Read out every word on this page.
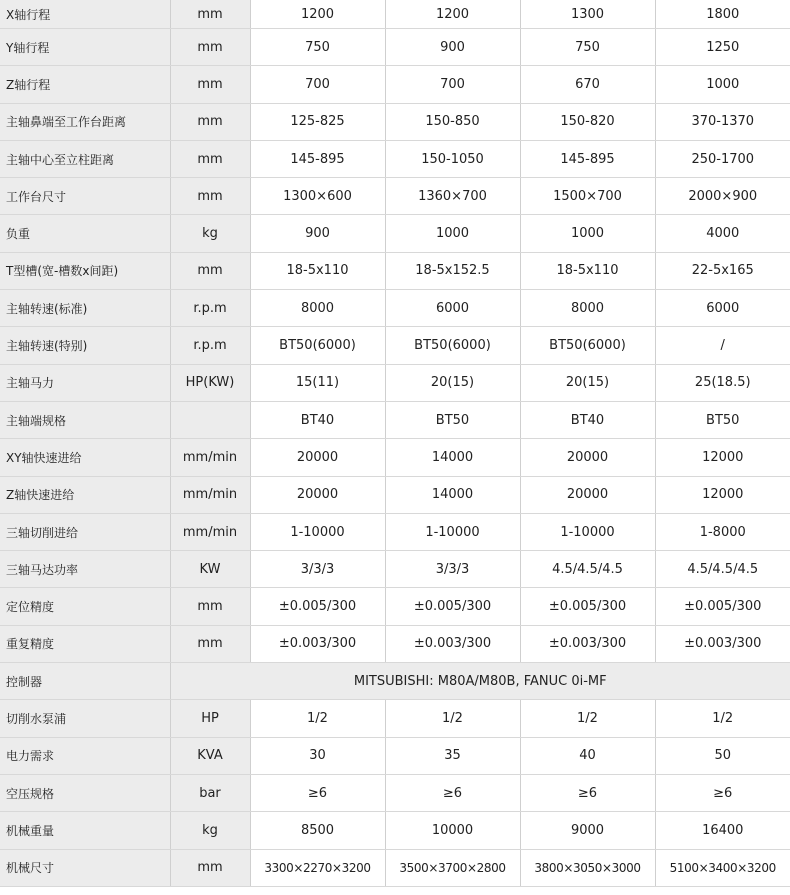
X轴行程	mm	1200	1200	1300	1800
Y轴行程	mm	750	900	750	1250
Z轴行程	mm	700	700	670	1000
主轴鼻端至工作台距离	mm	125-825	150-850	150-820	370-1370
主轴中心至立柱距离	mm	145-895	150-1050	145-895	250-1700
工作台尺寸	mm	1300×600	1360×700	1500×700	2000×900
负重	kg	900	1000	1000	4000
T型槽(宽-槽数x间距)	mm	18-5x110	18-5x152.5	18-5x110	22-5x165
主轴转速(标准)	r.p.m	8000	6000	8000	6000
主轴转速(特别)	r.p.m	BT50(6000)	BT50(6000)	BT50(6000)	/
主轴马力	HP(KW)	15(11)	20(15)	20(15)	25(18.5)
主轴端规格		BT40	BT50	BT40	BT50
XY轴快速进给	mm/min	20000	14000	20000	12000
Z轴快速进给	mm/min	20000	14000	20000	12000
三轴切削进给	mm/min	1-10000	1-10000	1-10000	1-8000
三轴马达功率	KW	3/3/3	3/3/3	4.5/4.5/4.5	4.5/4.5/4.5
定位精度	mm	±0.005/300	±0.005/300	±0.005/300	±0.005/300
重复精度	mm	±0.003/300	±0.003/300	±0.003/300	±0.003/300
控制器	MITSUBISHI: M80A/M80B, FANUC 0i-MF				
切削水泵浦	HP	1/2	1/2	1/2	1/2
电力需求	KVA	30	35	40	50
空压规格	bar	≥6	≥6	≥6	≥6
机械重量	kg	8500	10000	9000	16400
机械尺寸	mm	3300×2270×3200	3500×3700×2800	3800×3050×3000	5100×3400×3200
